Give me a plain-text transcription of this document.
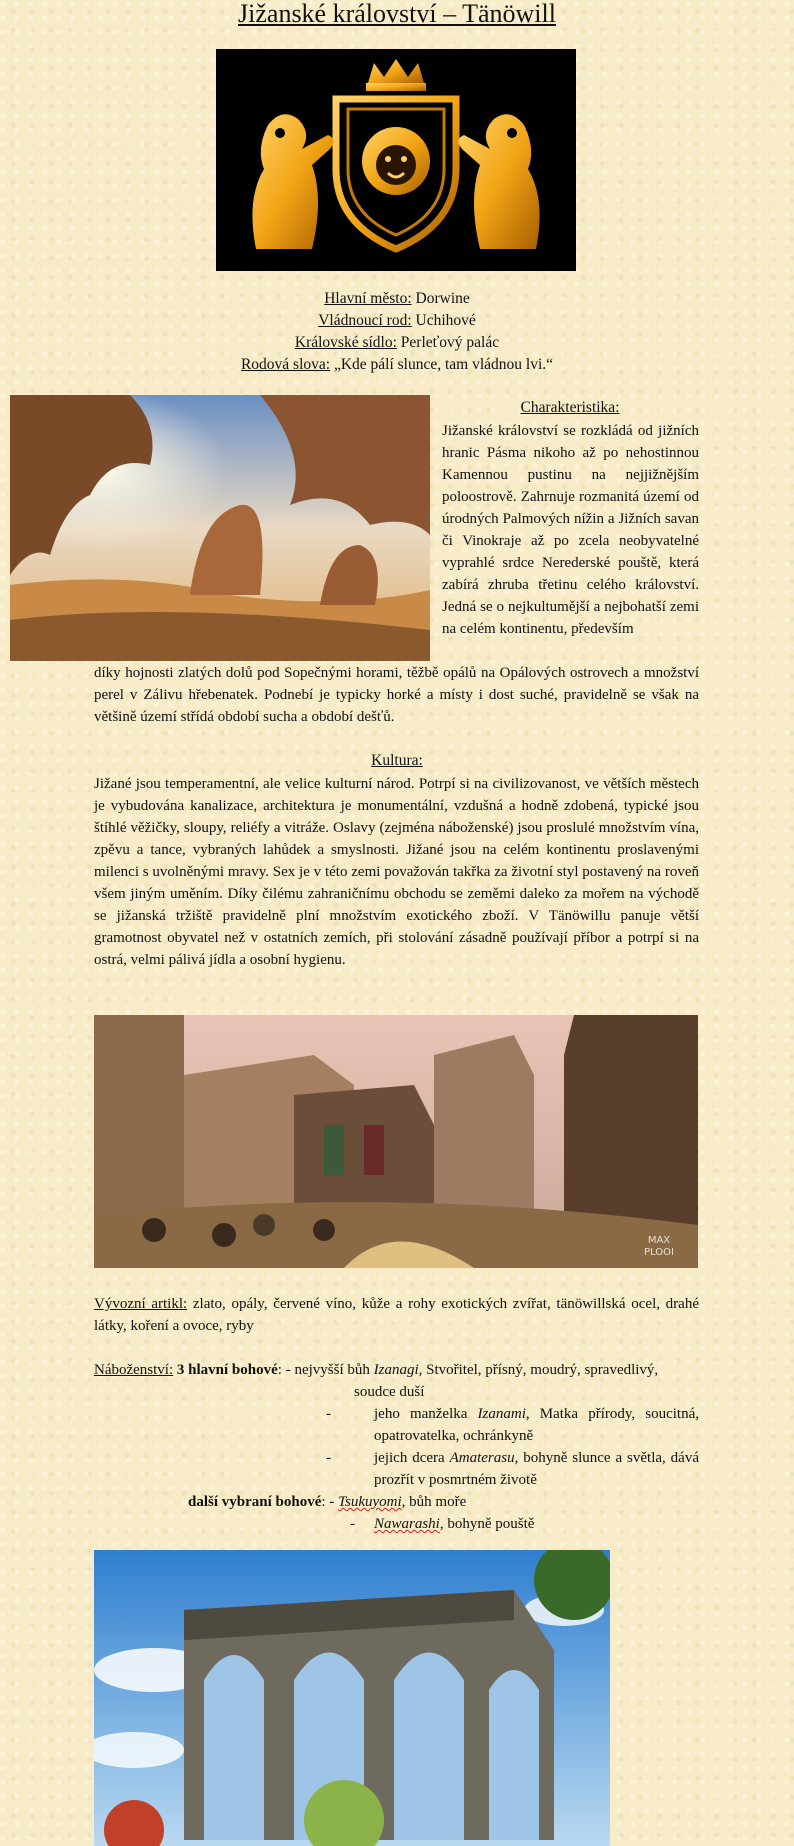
Jižanské království – Tänöwill
Hlavní město: Dorwine
Vládnoucí rod: Uchihové
Královské sídlo: Perleťový palác
Rodová slova: „Kde pálí slunce, tam vládnou lvi.“
Charakteristika:
Jižanské království se rozkládá od jižních hranic Pásma nikoho až po nehostinnou Kamennou pustinu na nejjižnějším poloostrově. Zahrnuje rozmanitá území od úrodných Palmových nížin a Jižních savan či Vinokraje až po zcela neobyvatelné vyprahlé srdce Nerederské pouště, která zabírá zhruba třetinu celého království. Jedná se o nejkultumější a nejbohatší zemi na celém kontinentu, především
díky hojnosti zlatých dolů pod Sopečnými horami, těžbě opálů na Opálových ostrovech a množství perel v Zálivu hřebenatek. Podnebí je typicky horké a místy i dost suché, pravidelně se však na většině území střídá období sucha a období dešťů.
Kultura:
Jižané jsou temperamentní, ale velice kulturní národ. Potrpí si na civilizovanost, ve větších městech je vybudována kanalizace, architektura je monumentální, vzdušná a hodně zdobená, typické jsou štíhlé věžičky, sloupy, reliéfy a vitráže. Oslavy (zejména náboženské) jsou proslulé množstvím vína, zpěvu a tance, vybraných lahůdek a smyslnosti. Jižané jsou na celém kontinentu proslavenými milenci s uvolněnými mravy. Sex je v této zemi považován takřka za životní styl postavený na roveň všem jiným uměním. Díky čilému zahraničnímu obchodu se zeměmi daleko za mořem na východě se jižanská tržiště pravidelně plní množstvím exotického zboží. V Tänöwillu panuje větší gramotnost obyvatel než v ostatních zemích, při stolování zásadně používají příbor a potrpí si na ostrá, velmi pálivá jídla a osobní hygienu.
MAX
PLOOI
Vývozní artikl: zlato, opály, červené víno, kůže a rohy exotických zvířat, tänöwillská ocel, drahé látky, koření a ovoce, ryby
Náboženství: 3 hlavní bohové: - nejvyšší bůh Izanagi, Stvořitel, přísný, moudrý, spravedlivý, soudce duší
-	jeho manželka Izanami, Matka přírody, soucitná, opatrovatelka, ochránkyně
-	jejich dcera Amaterasu, bohyně slunce a světla, dává prozřít v posmrtném životě
další vybraní bohové: - Tsukuyomi, bůh moře
- Nawarashi, bohyně pouště
